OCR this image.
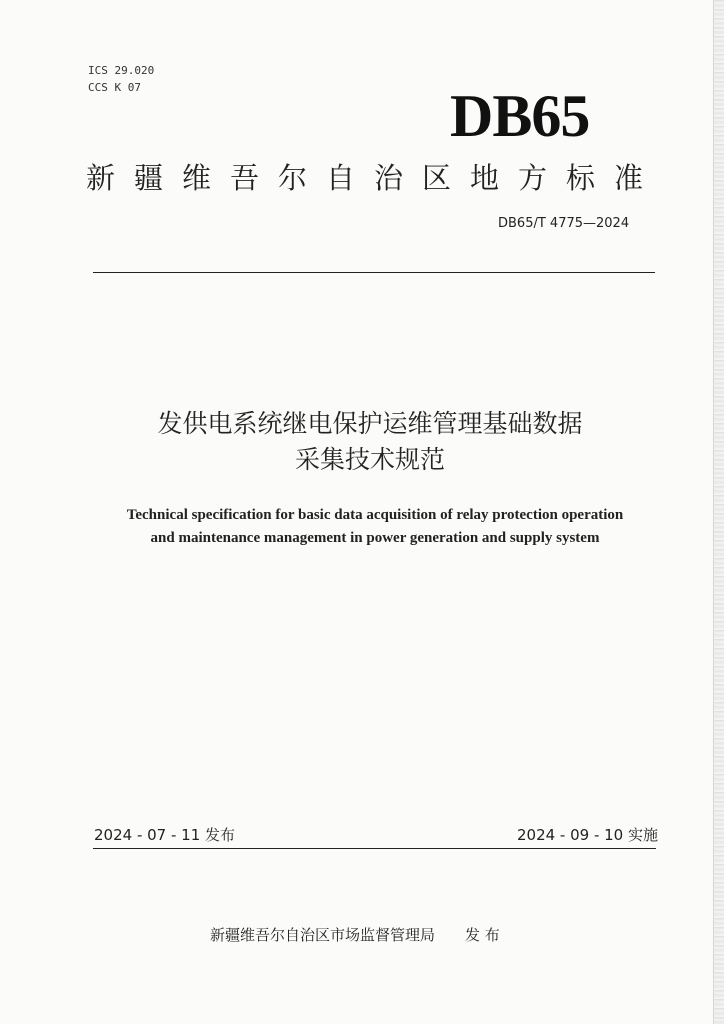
ICS 29.020
CCS K 07	DB65
新疆维吾尔自治区地方标准
DB65/T 4775—2024
发供电系统继电保护运维管理基础数据
采集技术规范
Technical specification for basic data acquisition of relay protection operation
and maintenance management in power generation and supply system
2024 - 07 - 11 发布	2024 - 09 - 10 实施
新疆维吾尔自治区市场监督管理局 发 布
